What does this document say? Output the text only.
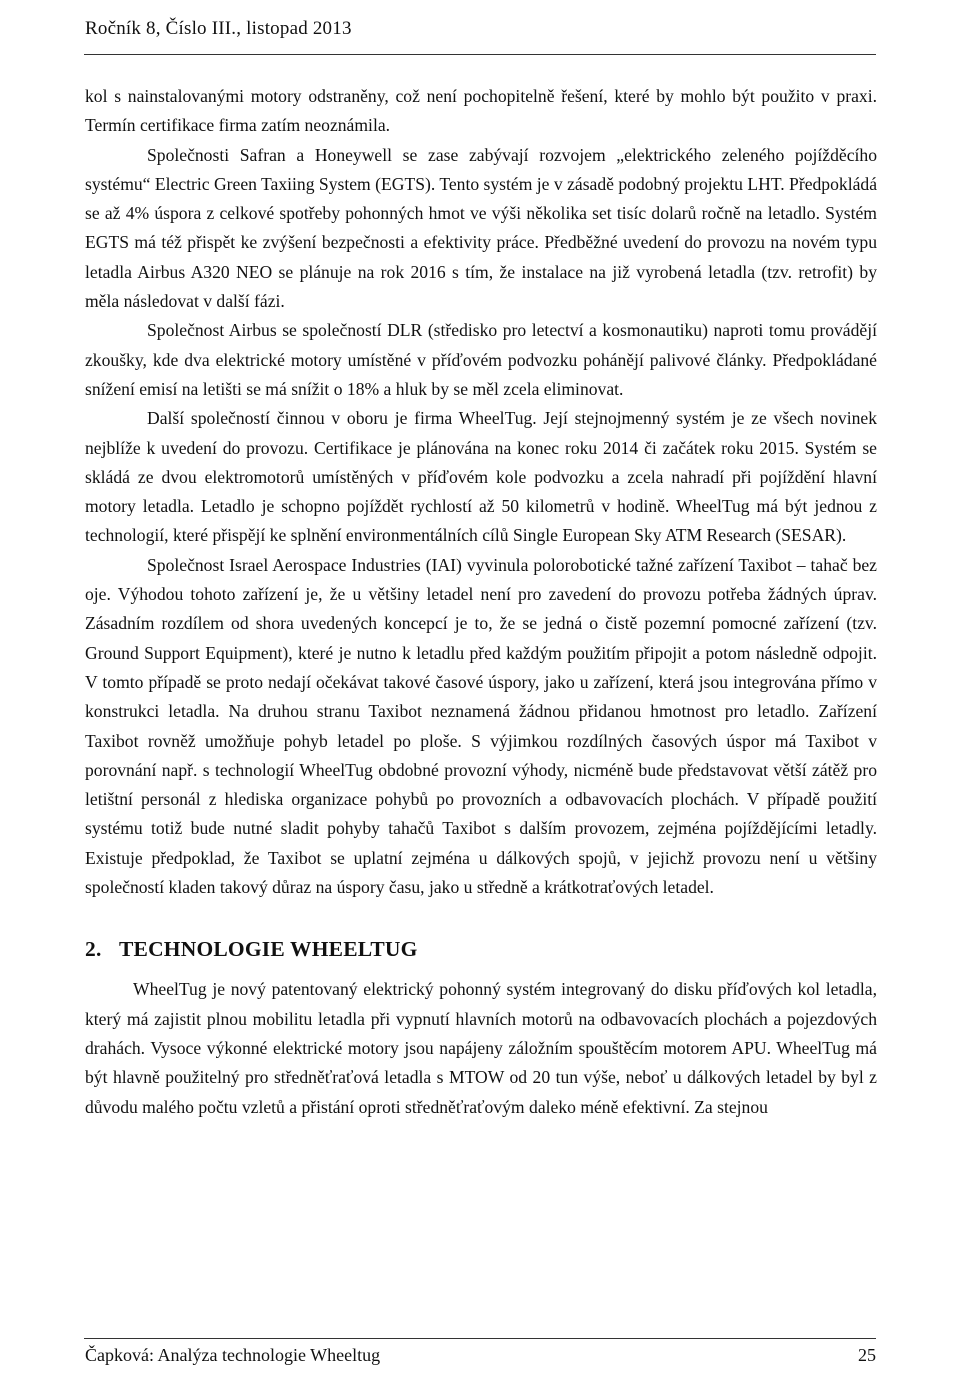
Ročník 8, Číslo III., listopad 2013

kol s nainstalovanými motory odstraněny, což není pochopitelně řešení, které by mohlo být použito v praxi. Termín certifikace firma zatím neoznámila.

Společnosti Safran a Honeywell se zase zabývají rozvojem „elektrického zeleného pojížděcího systému“ Electric Green Taxiing System (EGTS). Tento systém je v zásadě podobný projektu LHT. Předpokládá se až 4% úspora z celkové spotřeby pohonných hmot ve výši několika set tisíc dolarů ročně na letadlo. Systém EGTS má též přispět ke zvýšení bezpečnosti a efektivity práce. Předběžné uvedení do provozu na novém typu letadla Airbus A320 NEO se plánuje na rok 2016 s tím, že instalace na již vyrobená letadla (tzv. retrofit) by měla následovat v další fázi.

Společnost Airbus se společností DLR (středisko pro letectví a kosmonautiku) naproti tomu provádějí zkoušky, kde dva elektrické motory umístěné v příďovém podvozku pohánějí palivové články. Předpokládané snížení emisí na letišti se má snížit o 18% a hluk by se měl zcela eliminovat.

Další společností činnou v oboru je firma WheelTug. Její stejnojmenný systém je ze všech novinek nejblíže k uvedení do provozu. Certifikace je plánována na konec roku 2014 či začátek roku 2015. Systém se skládá ze dvou elektromotorů umístěných v příďovém kole podvozku a zcela nahradí při pojíždění hlavní motory letadla. Letadlo je schopno pojíždět rychlostí až 50 kilometrů v hodině. WheelTug má být jednou z technologií, které přispějí ke splnění environmentálních cílů Single European Sky ATM Research (SESAR).

Společnost Israel Aerospace Industries (IAI) vyvinula polorobotické tažné zařízení Taxibot – tahač bez oje. Výhodou tohoto zařízení je, že u většiny letadel není pro zavedení do provozu potřeba žádných úprav. Zásadním rozdílem od shora uvedených koncepcí je to, že se jedná o čistě pozemní pomocné zařízení (tzv. Ground Support Equipment), které je nutno k letadlu před každým použitím připojit a potom následně odpojit. V tomto případě se proto nedají očekávat takové časové úspory, jako u zařízení, která jsou integrována přímo v konstrukci letadla. Na druhou stranu Taxibot neznamená žádnou přidanou hmotnost pro letadlo. Zařízení Taxibot rovněž umožňuje pohyb letadel po ploše. S výjimkou rozdílných časových úspor má Taxibot v porovnání např. s technologií WheelTug obdobné provozní výhody, nicméně bude představovat větší zátěž pro letištní personál z hlediska organizace pohybů po provozních a odbavovacích plochách. V případě použití systému totiž bude nutné sladit pohyby tahačů Taxibot s dalším provozem, zejména pojíždějícími letadly. Existuje předpoklad, že Taxibot se uplatní zejména u dálkových spojů, v jejichž provozu není u většiny společností kladen takový důraz na úspory času, jako u středně a krátkotraťových letadel.

2. TECHNOLOGIE WHEELTUG

WheelTug je nový patentovaný elektrický pohonný systém integrovaný do disku příďových kol letadla, který má zajistit plnou mobilitu letadla při vypnutí hlavních motorů na odbavovacích plochách a pojezdových drahách. Vysoce výkonné elektrické motory jsou napájeny záložním spouštěcím motorem APU. WheelTug má být hlavně použitelný pro středněťraťová letadla s MTOW od 20 tun výše, neboť u dálkových letadel by byl z důvodu malého počtu vzletů a přistání oproti středněťraťovým daleko méně efektivní. Za stejnou

Čapková: Analýza technologie Wheeltug	25
